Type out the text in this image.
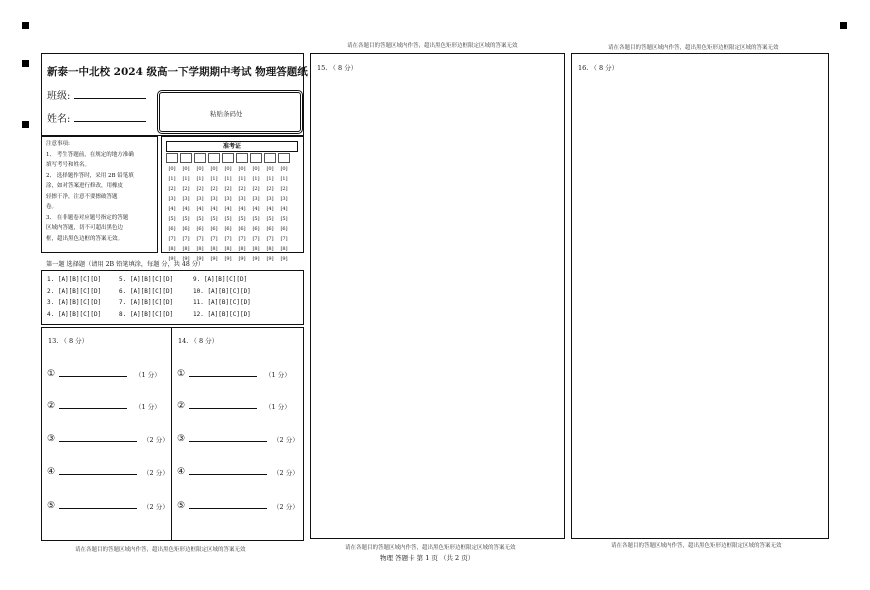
新泰一中北校 2024 级高一下学期期中考试 物理答题纸
班级:
姓名:	粘贴条码处
注意事项:
1、 考生答题前，在规定的地方准确
填写考号和姓名。
2、 选择题作答时，采用 2B 铅笔填
涂，如对答案进行修改，用橡皮
轻擦干净，注意不要擦破答题
卷。
3、 在非题卷对应题号指定的答题
区域内答题，切不可超出黑色边
框，超出黑色边框的答案无效。
准考证
[0]	[0]	[0]	[0]	[0]	[0]	[0]	[0]	[0]
[1]	[1]	[1]	[1]	[1]	[1]	[1]	[1]	[1]
[2]	[2]	[2]	[2]	[2]	[2]	[2]	[2]	[2]
[3]	[3]	[3]	[3]	[3]	[3]	[3]	[3]	[3]
[4]	[4]	[4]	[4]	[4]	[4]	[4]	[4]	[4]
[5]	[5]	[5]	[5]	[5]	[5]	[5]	[5]	[5]
[6]	[6]	[6]	[6]	[6]	[6]	[6]	[6]	[6]
[7]	[7]	[7]	[7]	[7]	[7]	[7]	[7]	[7]
[8]	[8]	[8]	[8]	[8]	[8]	[8]	[8]	[8]
[9]	[9]	[9]	[9]	[9]	[9]	[9]	[9]	[9]
第一题 选择题（请用 2B 铅笔填涂，每题 分，共 48 分）
1. [A][B][C][D]	5. [A][B][C][D]	9. [A][B][C][D]
2. [A][B][C][D]	6. [A][B][C][D]	10. [A][B][C][D]
3. [A][B][C][D]	7. [A][B][C][D]	11. [A][B][C][D]
4. [A][B][C][D]	8. [A][B][C][D]	12. [A][B][C][D]
13. （ 8 分）
①	（1 分）
②	（1 分）
③	（2 分）
④	（2 分）
⑤	（2 分）
14. （ 8 分）
①	（1 分）
②	（1 分）
③	（2 分）
④	（2 分）
⑤	（2 分）
请在各题目的答题区域内作答，超出黑色矩形边框限定区域的答案无效
请在各题目的答题区域内作答，超出黑色矩形边框限定区域的答案无效
15. （ 8 分）
请在各题目的答题区域内作答，超出黑色矩形边框限定区域的答案无效
物理 答题卡 第 1 页 （共 2 页）
请在各题目的答题区域内作答，超出黑色矩形边框限定区域的答案无效
16. （ 8 分）
请在各题目的答题区域内作答，超出黑色矩形边框限定区域的答案无效
